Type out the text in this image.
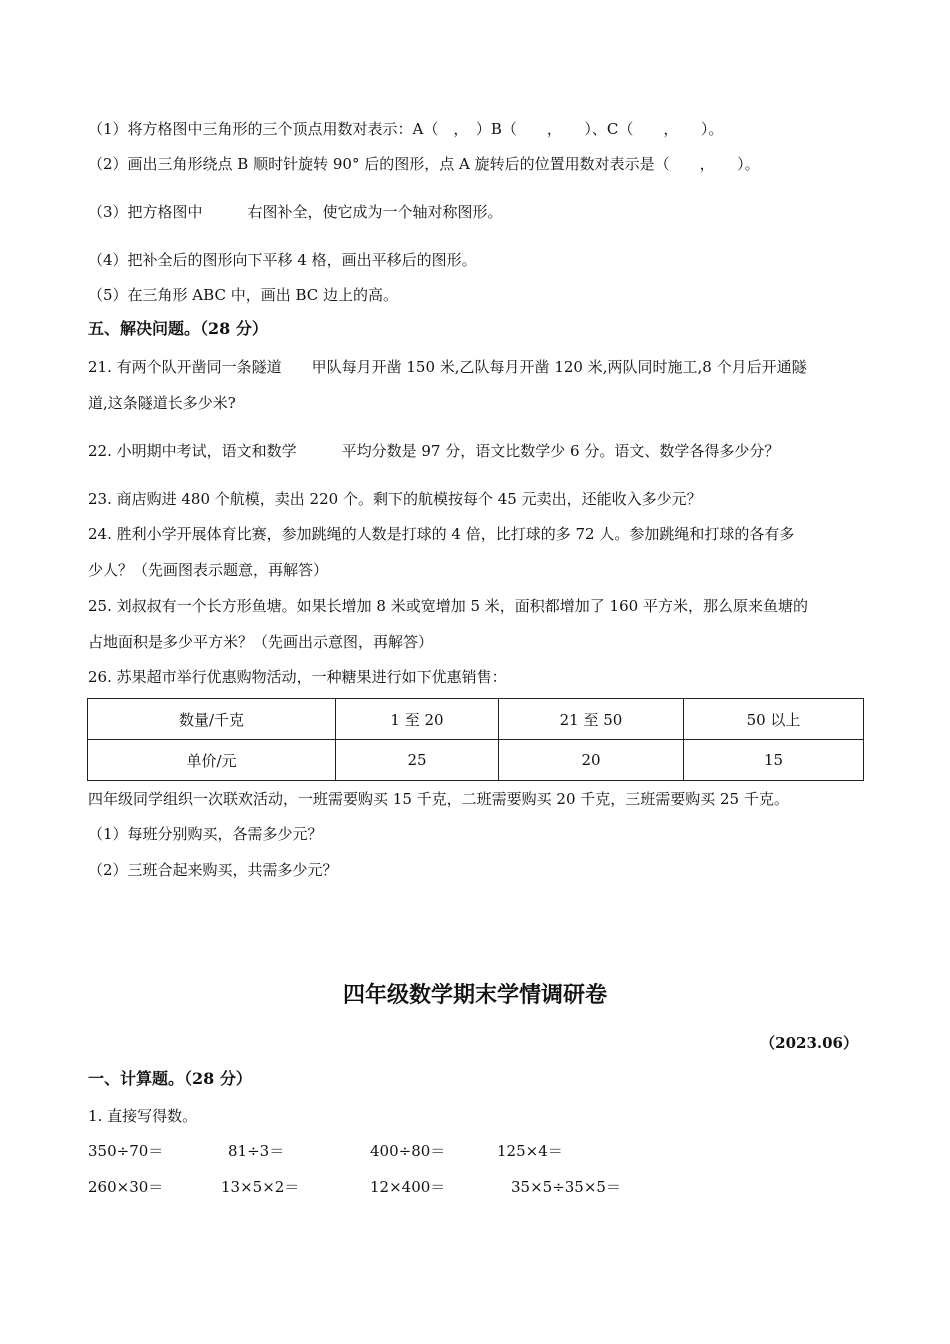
（1）将方格图中三角形的三个顶点用数对表示：A（　，　）B（　　，　　）、C（　　，　　）。
（2）画出三角形绕点 B 顺时针旋转 90° 后的图形，点 A 旋转后的位置用数对表示是（　　，　　）。
（3）把方格图中　　　右图补全，使它成为一个轴对称图形。
（4）把补全后的图形向下平移 4 格，画出平移后的图形。
（5）在三角形 ABC 中，画出 BC 边上的高。
五、解决问题。（28 分）
21. 有两个队开凿同一条隧道　　甲队每月开凿 150 米,乙队每月开凿 120 米,两队同时施工,8 个月后开通隧
道,这条隧道长多少米?
22. 小明期中考试，语文和数学　　　平均分数是 97 分，语文比数学少 6 分。语文、数学各得多少分？
23. 商店购进 480 个航模，卖出 220 个。剩下的航模按每个 45 元卖出，还能收入多少元？
24. 胜利小学开展体育比赛，参加跳绳的人数是打球的 4 倍，比打球的多 72 人。参加跳绳和打球的各有多
少人？（先画图表示题意，再解答）
25. 刘叔叔有一个长方形鱼塘。如果长增加 8 米或宽增加 5 米，面积都增加了 160 平方米，那么原来鱼塘的
占地面积是多少平方米？（先画出示意图，再解答）
26. 苏果超市举行优惠购物活动，一种糖果进行如下优惠销售：
数量/千克	1 至 20	21 至 50	50 以上
单价/元	25	20	15
四年级同学组织一次联欢活动，一班需要购买 15 千克，二班需要购买 20 千克，三班需要购买 25 千克。
（1）每班分别购买，各需多少元？
（2）三班合起来购买，共需多少元？
四年级数学期末学情调研卷
（2023.06）
一、计算题。（28 分）
1. 直接写得数。
350÷70＝	81÷3＝	400÷80＝	125×4＝
260×30＝	13×5×2＝	12×400＝	35×5÷35×5＝
